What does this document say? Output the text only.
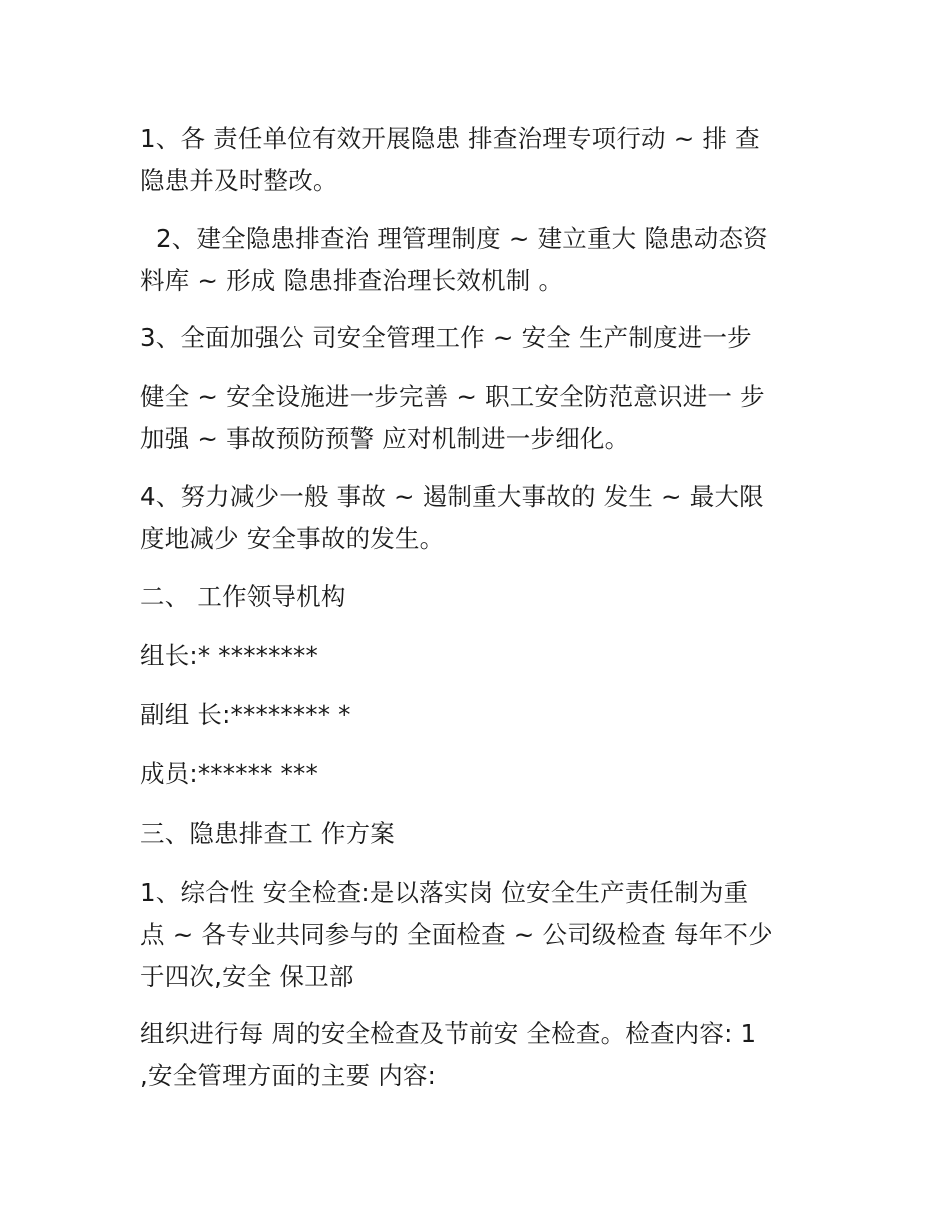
1、各 责任单位有效开展隐患 排查治理专项行动 ~ 排 查
隐患并及时整改。

2、建全隐患排查治 理管理制度 ~ 建立重大 隐患动态资
料库 ~ 形成 隐患排查治理长效机制 。

3、全面加强公 司安全管理工作 ~ 安全 生产制度进一步

健全 ~ 安全设施进一步完善 ~ 职工安全防范意识进一 步
加强 ~ 事故预防预警 应对机制进一步细化。

4、努力减少一般 事故 ~ 遏制重大事故的 发生 ~ 最大限
度地减少 安全事故的发生。

二、 工作领导机构

组长:* ********

副组 长:******** *

成员:****** ***

三、隐患排查工 作方案

1、综合性 安全检查:是以落实岗 位安全生产责任制为重
点 ~ 各专业共同参与的 全面检查 ~ 公司级检查 每年不少
于四次,安全 保卫部

组织进行每 周的安全检查及节前安 全检查。检查内容: 1
,安全管理方面的主要 内容:
